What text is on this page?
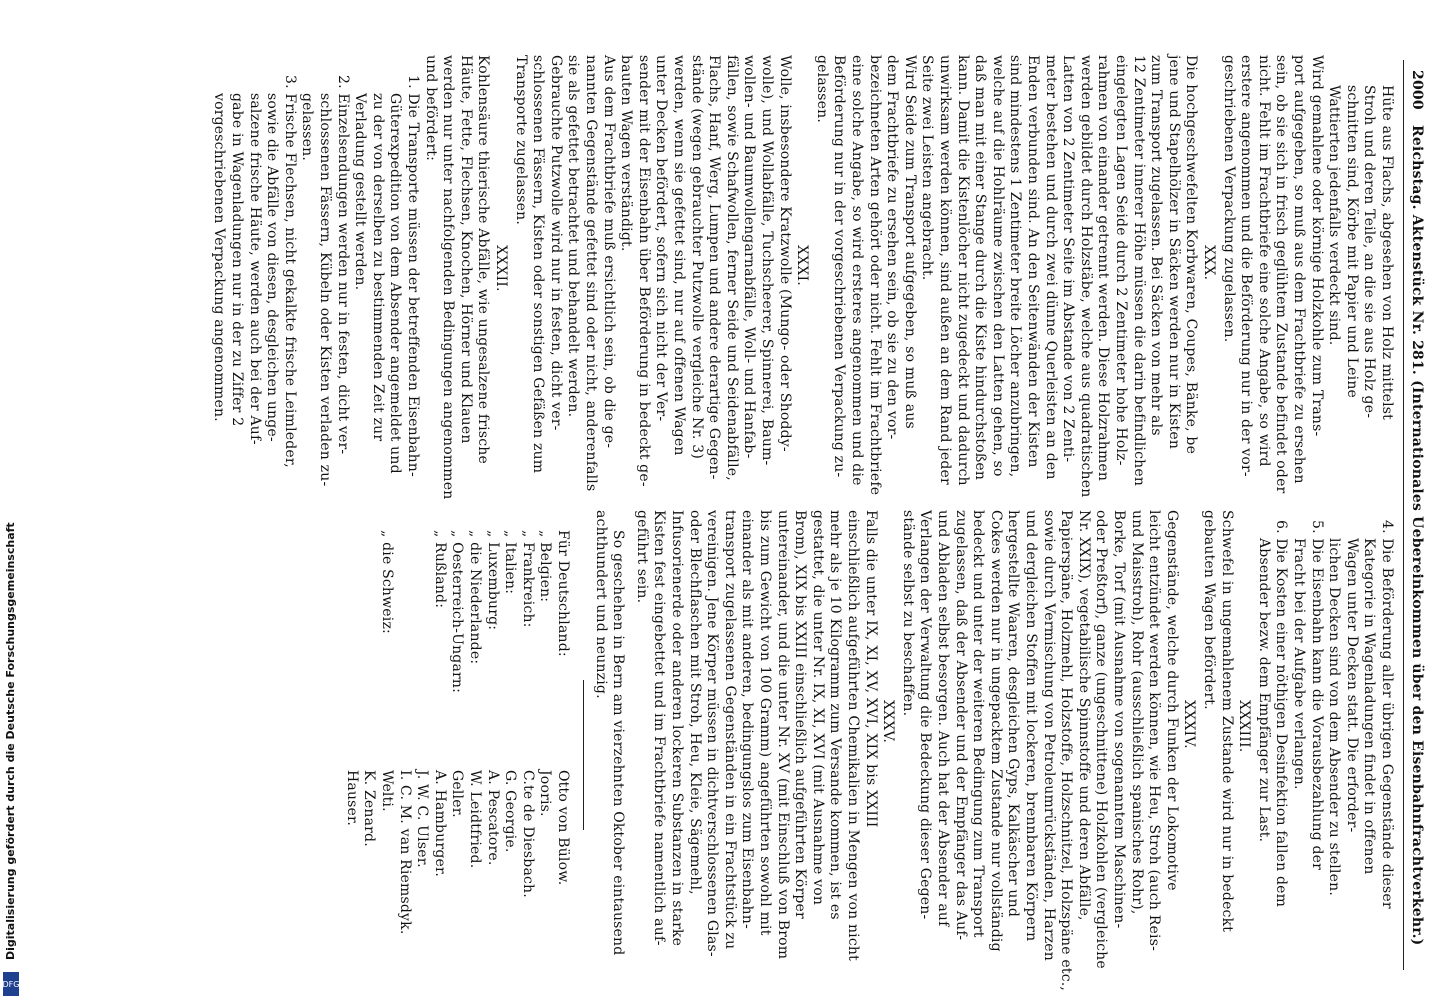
2000
Reichstag. Aktenstück Nr. 281. (Internationales Uebereinkommen über den Eisenbahnfrachtverkehr.)
Hüte aus Flachs, abgesehen von Holz mittelst
Stroh und deren Teile, an die sie aus Holz ge-
schnitten sind, Körbe mit Papier und Leine
Wattierten jedenfalls verdeckt sind.
Wird gemahlene oder körnige Holzkohle zum Trans-
port aufgegeben, so muß aus dem Frachtbriefe zu ersehen
sein, ob sie sich in frisch geglühtem Zustande befindet oder
nicht. Fehlt im Frachtbriefe eine solche Angabe, so wird
erstere angenommen und die Beförderung nur in der vor-
geschriebenen Verpackung zugelassen.
XXX.
Die hochgeschwefelten Korbwaren, Coupes, Bänke, be
jene und Stapelhölzer in Säcken werden nur in Kisten
zum Transport zugelassen. Bei Säcken von mehr als
12 Zentimeter innerer Höhe müssen die darin befindlichen
eingelegten Lagen Seide durch 2 Zentimeter hohe Holz-
rahmen von einander getrennt werden. Diese Holzrahmen
werden gebildet durch Holzstäbe, welche aus quadratischen
Latten von 2 Zentimeter Seite im Abstande von 2 Zenti-
meter bestehen und durch zwei dünne Querleisten an den
Enden verbunden sind. An den Seitenwänden der Kisten
sind mindestens 1 Zentimeter breite Löcher anzubringen,
welche auf die Hohlräume zwischen den Latten gehen, so
daß man mit einer Stange durch die Kiste hindurchstoßen
kann. Damit die Kistenlöcher nicht zugedeckt und dadurch
unwirksam werden können, sind außen an dem Rand jeder
Seite zwei Leisten angebracht.
Wird Seide zum Transport aufgegeben, so muß aus
dem Frachtbriefe zu ersehen sein, ob sie zu den vor-
bezeichneten Arten gehört oder nicht. Fehlt im Frachtbriefe
eine solche Angabe, so wird ersteres angenommen und die
Beförderung nur in der vorgeschriebenen Verpackung zu-
gelassen.
XXXI.
Wolle, insbesondere Kratzwolle (Mungo- oder Shoddy-
wolle), und Wollabfälle, Tuchscheerer, Spinnerei, Baum-
wollen- und Baumwollengarnabfälle, Woll- und Hanfab-
fällen, sowie Schafwollen, ferner Seide und Seidenabfälle,
Flachs, Hanf, Werg, Lumpen und andere derartige Gegen-
stände (wegen gebrauchter Putzwolle vergleiche Nr. 3)
werden, wenn sie gefettet sind, nur auf offenen Wagen
unter Decken befördert, sofern sich nicht der Ver-
sender mit der Eisenbahn über Beförderung in bedeckt ge-
bauten Wagen verständigt.
Aus dem Frachtbriefe muß ersichtlich sein, ob die ge-
nannten Gegenstände gefettet sind oder nicht, anderenfalls
sie als gefettet betrachtet und behandelt werden.
Gebrauchte Putzwolle wird nur in festen, dicht ver-
schlossenen Fässern, Kisten oder sonstigen Gefäßen zum
Transporte zugelassen.
XXXII.
Kohlensäure thierische Abfälle, wie ungesalzene frische
Häute, Fette, Flechsen, Knochen, Hörner und Klauen
werden nur unter nachfolgenden Bedingungen angenommen
und befördert:
1. Die Transporte müssen der betreffenden Eisenbahn-
Güterexpedition von dem Absender angemeldet und
zu der von derselben zu bestimmenden Zeit zur
Verladung gestellt werden.
2. Einzelsendungen werden nur in festen, dicht ver-
schlossenen Fässern, Kübeln oder Kisten verladen zu-
gelassen.
3. Frische Flechsen, nicht gekalkte frische Leimleder,
sowie die Abfälle von diesen, desgleichen unge-
salzene frische Häute, werden auch bei der Auf-
gabe in Wagenladungen nur in der zu Ziffer 2
vorgeschriebenen Verpackung angenommen.
4. Die Beförderung aller übrigen Gegenstände dieser
Kategorie in Wagenladungen findet in offenen
Wagen unter Decken statt. Die erforder-
lichen Decken sind von dem Absender zu stellen.
5. Die Eisenbahn kann die Vorausbezahlung der
Fracht bei der Aufgabe verlangen.
6. Die Kosten einer nöthigen Desinfektion fallen dem
Absender bezw. dem Empfänger zur Last.
XXXIII.
Schwefel in ungemahlenem Zustande wird nur in bedeckt
gebauten Wagen befördert.
XXXIV.
Gegenstände, welche durch Funken der Lokomotive
leicht entzündet werden können, wie Heu, Stroh (auch Reis-
und Maisstroh), Rohr (ausschließlich spanisches Rohr),
Borke, Torf (mit Ausnahme von sogenanntem Maschinen-
oder Preßtorf), ganze (ungeschnittene) Holzkohlen (vergleiche
Nr. XXIX), vegetabilische Spinnstoffe und deren Abfälle,
Papierspäne, Holzmehl, Holzstoffe, Holzschnitzel, Holzspäne etc.,
sowie durch Vermischung von Petroleumrückständen, Harzen
und dergleichen Stoffen mit lockeren, brennbaren Körpern
hergestellte Waaren, desgleichen Gyps, Kalkäscher und
Cokes werden nur in ungepacktem Zustande nur vollständig
bedeckt und unter der weiteren Bedingung zum Transport
zugelassen, daß der Absender und der Empfänger das Auf-
und Abladen selbst besorgen. Auch hat der Absender auf
Verlangen der Verwaltung die Bedeckung dieser Gegen-
stände selbst zu beschaffen.
XXXV.
Falls die unter IX, XI, XV, XVI, XIX bis XXIII
einschließlich aufgeführten Chemikalien in Mengen von nicht
mehr als je 10 Kilogramm zum Versande kommen, ist es
gestattet, die unter Nr. IX, XI, XVI (mit Ausnahme von
Brom), XIX bis XXIII einschließlich aufgeführten Körper
untereinander, und die unter Nr. XV (mit Einschluß von Brom
bis zum Gewicht von 100 Gramm) angeführten sowohl mit
einander als mit anderen, bedingungslos zum Eisenbahn-
transport zugelassenen Gegenständen in ein Frachtstück zu
vereinigen. Jene Körper müssen in dichtverschlossenen Glas-
oder Blechflaschen mit Stroh, Heu, Kleie, Sägemehl,
Infusorienerde oder anderen lockeren Substanzen in starke
Kisten fest eingebettet und im Frachtbriefe namentlich auf-
geführt sein.
So geschehen in Bern am vierzehnten Oktober eintausend
achthundert und neunzig.
Für Deutschland:
Otto von Bülow.
„ Belgien:
Jooris.
„ Frankreich:
C.te de Diesbach.
„ Italien:
G. Georgie.
„ Luxemburg:
A. Pescatore.
„ die Niederlande:
W. Leidtfried.
„ Oesterreich-Ungarn:
Geller.
„ Rußland:
A. Hamburger.
J. W. C. Ulser.
I. C. M. van Riemsdyk.
„ die Schweiz:
Welti.
K. Zenard.
Hauser.
Digitalisierung gefördert durch die Deutsche Forschungsgemeinschaft
DFG
